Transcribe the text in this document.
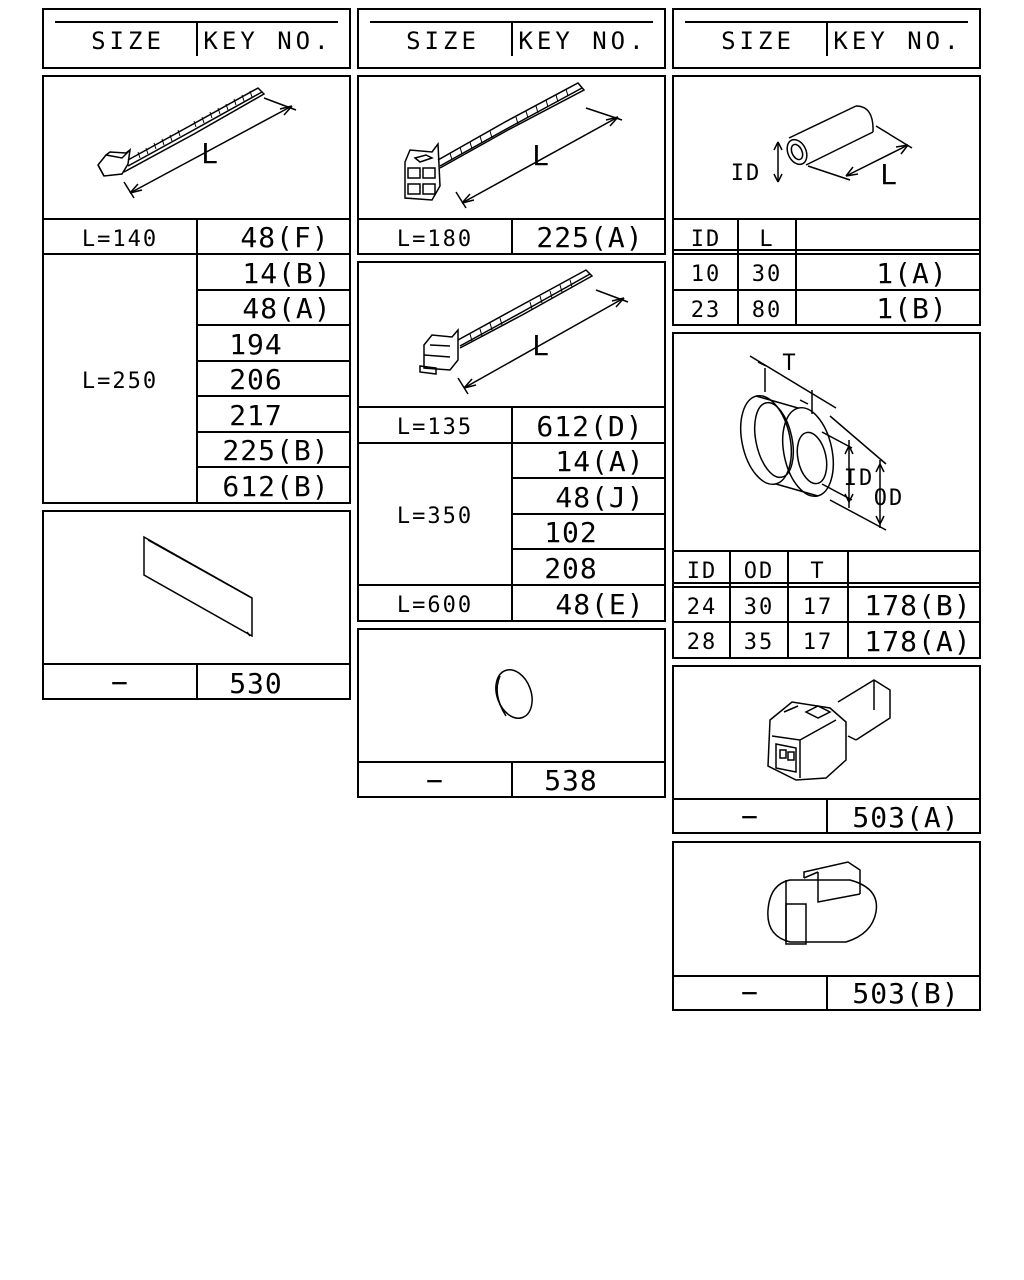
SIZE KEY NO.
L
L=140	48(F)
L=250
14(B)
48(A)
194
206
217
225(B)
612(B)
−	530
SIZE KEY NO.
L
L=180 225(A)
L
L=135 612(D)
L=350
14(A)
48(J)
102
208
L=600	48(E)
−	538
SIZE KEY NO.
ID	L
ID L
10 30	1(A)
23 80	1(B)
T
ID
OD
ID OD T
24 30 17 178(B)
28 35 17 178(A)
−	503(A)
−	503(B)
